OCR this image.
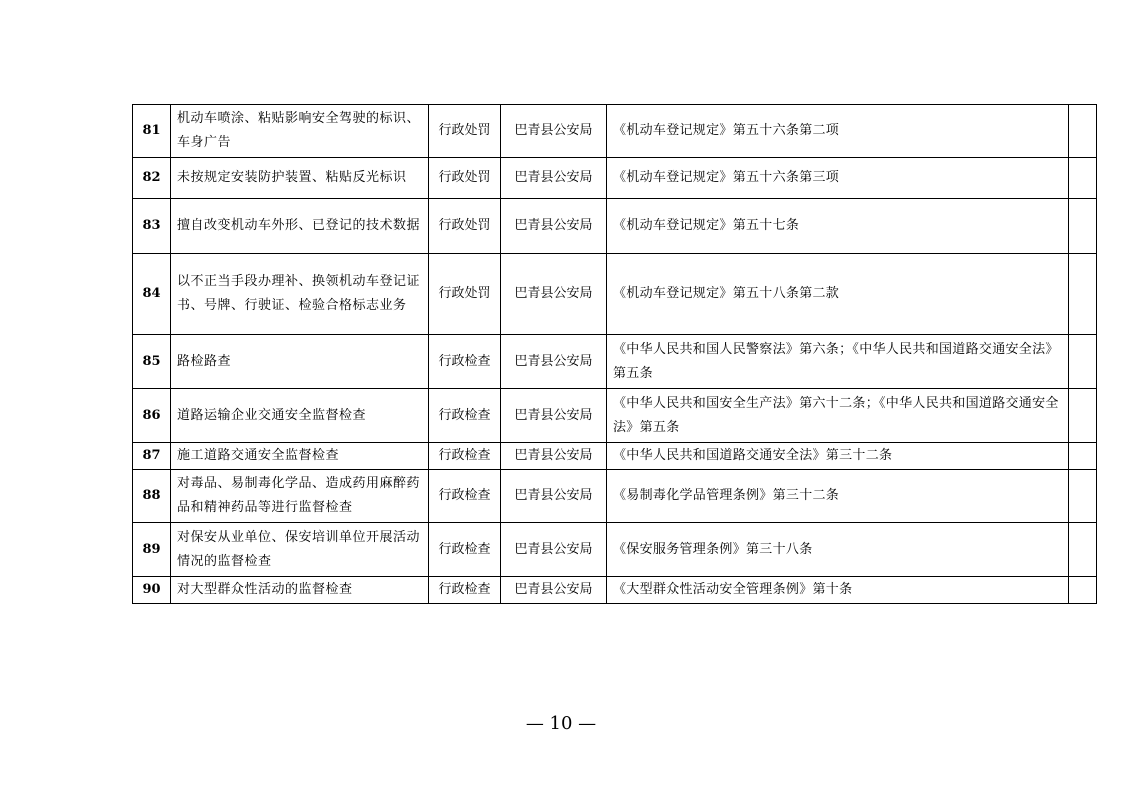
81	机动车喷涂、粘贴影响安全驾驶的标识、车身广告	行政处罚	巴青县公安局	《机动车登记规定》第五十六条第二项	
82	未按规定安装防护装置、粘贴反光标识	行政处罚	巴青县公安局	《机动车登记规定》第五十六条第三项	
83	擅自改变机动车外形、已登记的技术数据	行政处罚	巴青县公安局	《机动车登记规定》第五十七条	
84	以不正当手段办理补、换领机动车登记证书、号牌、行驶证、检验合格标志业务	行政处罚	巴青县公安局	《机动车登记规定》第五十八条第二款	
85	路检路查	行政检查	巴青县公安局	《中华人民共和国人民警察法》第六条；《中华人民共和国道路交通安全法》第五条	
86	道路运输企业交通安全监督检查	行政检查	巴青县公安局	《中华人民共和国安全生产法》第六十二条；《中华人民共和国道路交通安全法》第五条	
87	施工道路交通安全监督检查	行政检查	巴青县公安局	《中华人民共和国道路交通安全法》第三十二条	
88	对毒品、易制毒化学品、造成药用麻醉药品和精神药品等进行监督检查	行政检查	巴青县公安局	《易制毒化学品管理条例》第三十二条	
89	对保安从业单位、保安培训单位开展活动情况的监督检查	行政检查	巴青县公安局	《保安服务管理条例》第三十八条	
90	对大型群众性活动的监督检查	行政检查	巴青县公安局	《大型群众性活动安全管理条例》第十条	
— 10 —
